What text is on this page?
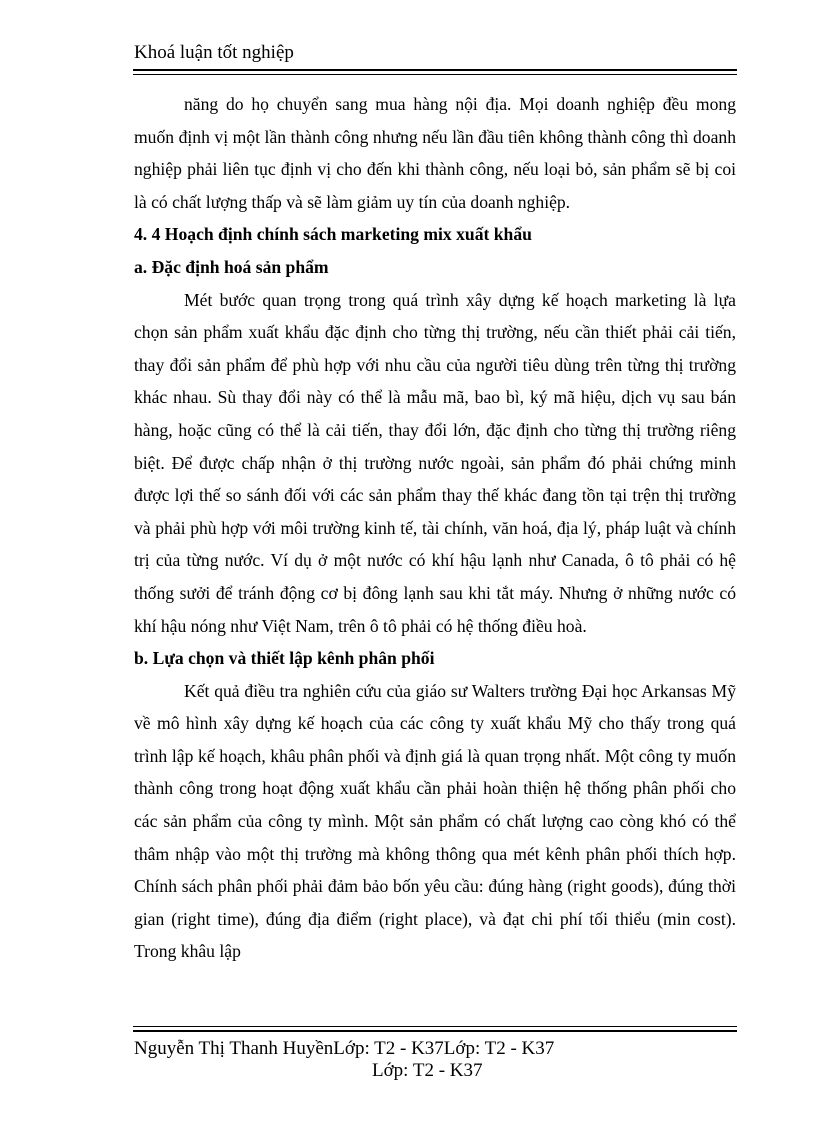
Khoá luận tốt nghiệp

năng do họ chuyển sang mua hàng nội địa. Mọi doanh nghiệp đều mong muốn định vị một lần thành công nhưng nếu lần đầu tiên không thành công thì doanh nghiệp phải liên tục định vị cho đến khi thành công, nếu loại bỏ, sản phẩm sẽ bị coi là có chất lượng thấp và sẽ làm giảm uy tín của doanh nghiệp.

4. 4 Hoạch định chính sách marketing mix xuất khẩu

a. Đặc định hoá sản phẩm

Mét bước quan trọng trong quá trình xây dựng kế hoạch marketing là lựa chọn sản phẩm xuất khẩu đặc định cho từng thị trường, nếu cần thiết phải cải tiến, thay đổi sản phẩm để phù hợp với nhu cầu của người tiêu dùng trên từng thị trường khác nhau. Sù thay đổi này có thể là mẫu mã, bao bì, ký mã hiệu, dịch vụ sau bán hàng, hoặc cũng có thể là cải tiến, thay đổi lớn, đặc định cho từng thị trường riêng biệt. Để được chấp nhận ở thị trường nước ngoài, sản phẩm đó phải chứng minh được lợi thế so sánh đối với các sản phẩm thay thế khác đang tồn tại trện thị trường và phải phù hợp với môi trường kinh tế, tài chính, văn hoá, địa lý, pháp luật và chính trị của từng nước. Ví dụ ở một nước có khí hậu lạnh như Canada, ô tô phải có hệ thống sưởi để tránh động cơ bị đông lạnh sau khi tắt máy. Nhưng ở những nước có khí hậu nóng như Việt Nam, trên ô tô phải có hệ thống điều hoà.

b. Lựa chọn và thiết lập kênh phân phối

Kết quả điều tra nghiên cứu của giáo sư Walters trường Đại học Arkansas Mỹ về mô hình xây dựng kế hoạch của các công ty xuất khẩu Mỹ cho thấy trong quá trình lập kế hoạch, khâu phân phối và định giá là quan trọng nhất. Một công ty muốn thành công trong hoạt động xuất khẩu cần phải hoàn thiện hệ thống phân phối cho các sản phẩm của công ty mình. Một sản phẩm có chất lượng cao còng khó có thể thâm nhập vào một thị trường mà không thông qua mét kênh phân phối thích hợp. Chính sách phân phối phải đảm bảo bốn yêu cầu: đúng hàng (right goods), đúng thời gian (right time), đúng địa điểm (right place), và đạt chi phí tối thiểu (min cost). Trong khâu lập

Nguyễn Thị Thanh HuyềnLớp: T2 - K37Lớp: T2 - K37
Lớp: T2 - K37
